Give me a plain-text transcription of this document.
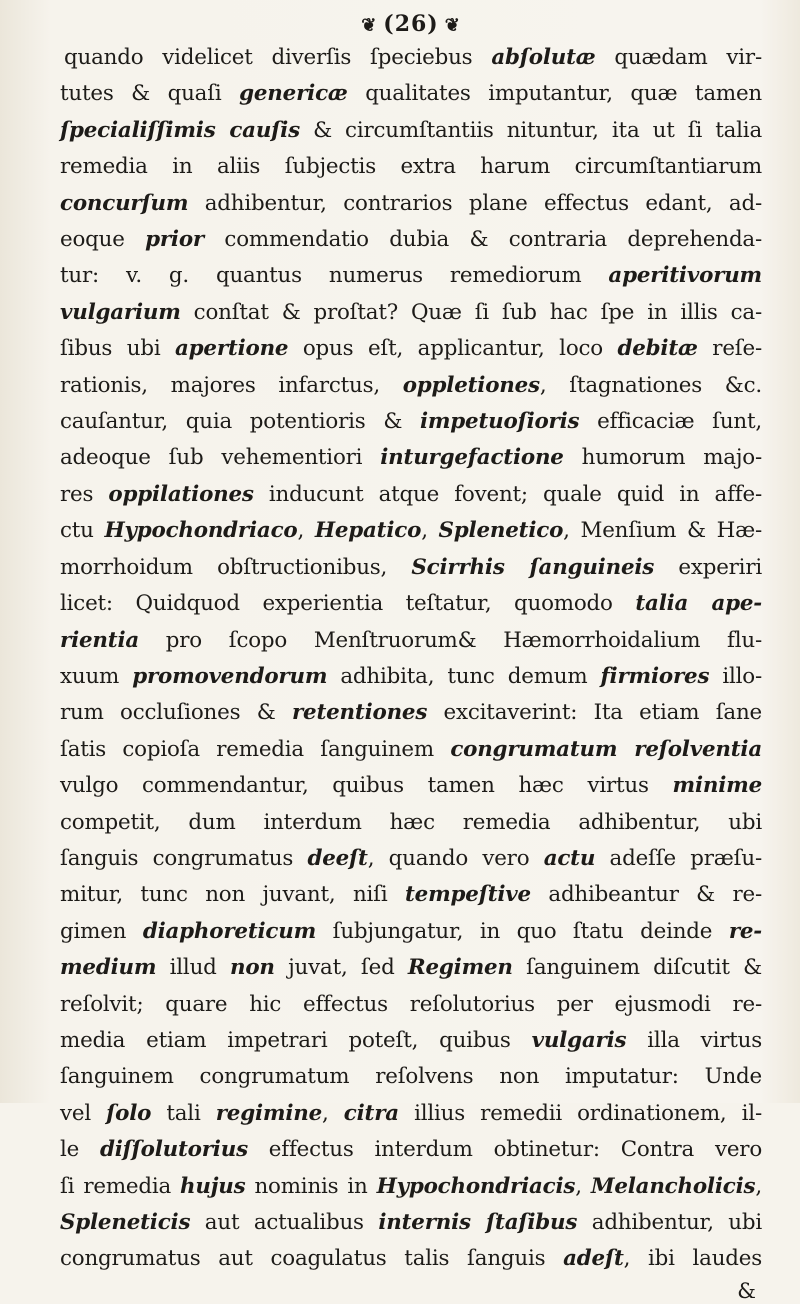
❦ (26) ❦
quando videlicet diverſis ſpeciebus abſolutæ quædam vir-
tutes & quaſi genericæ qualitates imputantur, quæ tamen
ſpecialiſſimis cauſis & circumſtantiis nituntur, ita ut ſi talia
remedia in aliis ſubjectis extra harum circumſtantiarum
concurſum adhibentur, contrarios plane effectus edant, ad-
eoque prior commendatio dubia & contraria deprehenda-
tur: v. g. quantus numerus remediorum aperitivorum
vulgarium conſtat & proſtat? Quæ ſi ſub hac ſpe in illis ca-
ſibus ubi apertione opus eſt, applicantur, loco debitæ reſe-
rationis, majores infarctus, oppletiones, ſtagnationes &c.
cauſantur, quia potentioris & impetuoſioris efficaciæ ſunt,
adeoque ſub vehementiori inturgefactione humorum majo-
res oppilationes inducunt atque fovent; quale quid in affe-
ctu Hypochondriaco, Hepatico, Splenetico, Menſium & Hæ-
morrhoidum obſtructionibus, Scirrhis ſanguineis experiri
licet: Quidquod experientia teſtatur, quomodo talia ape-
rientia pro ſcopo Menſtruorum& Hæmorrhoidalium flu-
xuum promovendorum adhibita, tunc demum firmiores illo-
rum occluſiones & retentiones excitaverint: Ita etiam ſane
ſatis copioſa remedia ſanguinem congrumatum reſolventia
vulgo commendantur, quibus tamen hæc virtus minime
competit, dum interdum hæc remedia adhibentur, ubi
ſanguis congrumatus deeſt, quando vero actu adeſſe præſu-
mitur, tunc non juvant, niſi tempeſtive adhibeantur & re-
gimen diaphoreticum ſubjungatur, in quo ſtatu deinde re-
medium illud non juvat, ſed Regimen ſanguinem diſcutit &
reſolvit; quare hic effectus reſolutorius per ejusmodi re-
media etiam impetrari poteſt, quibus vulgaris illa virtus
ſanguinem congrumatum reſolvens non imputatur: Unde
vel ſolo tali regimine, citra illius remedii ordinationem, il-
le diſſolutorius effectus interdum obtinetur: Contra vero
ſi remedia hujus nominis in Hypochondriacis, Melancholicis,
Spleneticis aut actualibus internis ſtaſibus adhibentur, ubi
congrumatus aut coagulatus talis ſanguis adeſt, ibi laudes
&
